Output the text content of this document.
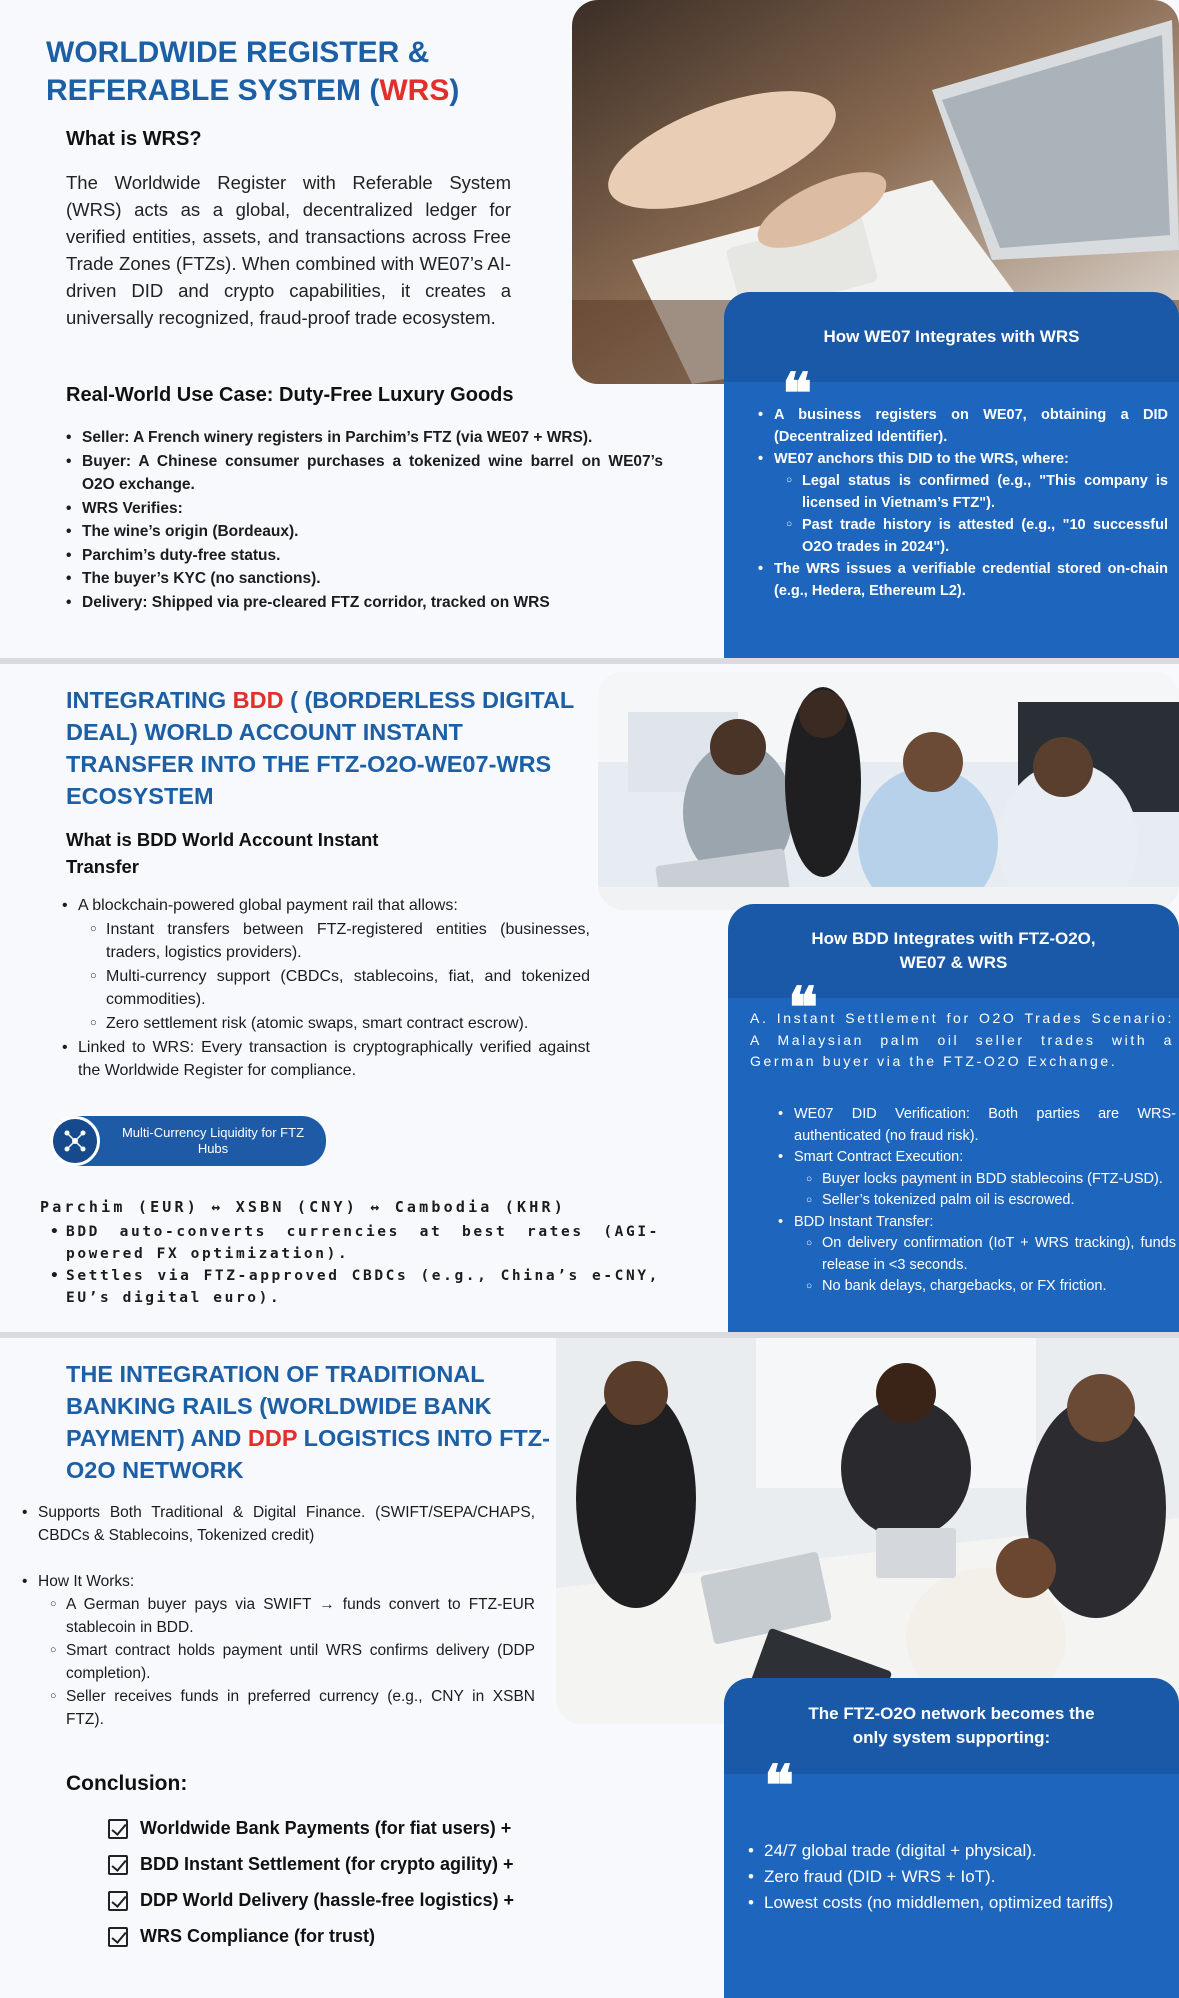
WORLDWIDE REGISTER &
REFERABLE SYSTEM (WRS)
What is WRS?
The Worldwide Register with Referable System (WRS) acts as a global, decentralized ledger for verified entities, assets, and transactions across Free Trade Zones (FTZs). When combined with WE07’s AI-driven DID and crypto capabilities, it creates a universally recognized, fraud-proof trade ecosystem.
Real-World Use Case: Duty-Free Luxury Goods
• Seller: A French winery registers in Parchim’s FTZ (via WE07 + WRS).
• Buyer: A Chinese consumer purchases a tokenized wine barrel on WE07’s O2O exchange.
• WRS Verifies:
• The wine’s origin (Bordeaux).
• Parchim’s duty-free status.
• The buyer’s KYC (no sanctions).
• Delivery: Shipped via pre-cleared FTZ corridor, tracked on WRS
How WE07 Integrates with WRS
❝
• A business registers on WE07, obtaining a DID (Decentralized Identifier).
• WE07 anchors this DID to the WRS, where:
○ Legal status is confirmed (e.g., "This company is licensed in Vietnam’s FTZ").
○ Past trade history is attested (e.g., "10 successful O2O trades in 2024").
• The WRS issues a verifiable credential stored on-chain (e.g., Hedera, Ethereum L2).
INTEGRATING BDD ( (BORDERLESS DIGITAL DEAL) WORLD ACCOUNT INSTANT TRANSFER INTO THE FTZ-O2O-WE07-WRS ECOSYSTEM
What is BDD World Account Instant
Transfer
• A blockchain-powered global payment rail that allows:
○ Instant transfers between FTZ-registered entities (businesses, traders, logistics providers).
○ Multi-currency support (CBDCs, stablecoins, fiat, and tokenized commodities).
○ Zero settlement risk (atomic swaps, smart contract escrow).
• Linked to WRS: Every transaction is cryptographically verified against the Worldwide Register for compliance.
Multi-Currency Liquidity for FTZ Hubs
Parchim (EUR) ↔ XSBN (CNY) ↔ Cambodia (KHR)
• BDD auto-converts currencies at best rates (AGI-powered FX optimization).
• Settles via FTZ-approved CBDCs (e.g., China’s e-CNY, EU’s digital euro).
How BDD Integrates with FTZ-O2O, WE07 & WRS
❝
A. Instant Settlement for O2O Trades Scenario: A Malaysian palm oil seller trades with a German buyer via the FTZ-O2O Exchange.
• WE07 DID Verification: Both parties are WRS-authenticated (no fraud risk).
• Smart Contract Execution:
○ Buyer locks payment in BDD stablecoins (FTZ-USD).
○ Seller’s tokenized palm oil is escrowed.
• BDD Instant Transfer:
○ On delivery confirmation (IoT + WRS tracking), funds release in <3 seconds.
○ No bank delays, chargebacks, or FX friction.
THE INTEGRATION OF TRADITIONAL BANKING RAILS (WORLDWIDE BANK PAYMENT) AND DDP LOGISTICS INTO FTZ-O2O NETWORK
• Supports Both Traditional & Digital Finance. (SWIFT/SEPA/CHAPS, CBDCs & Stablecoins, Tokenized credit)
• How It Works:
○ A German buyer pays via SWIFT → funds convert to FTZ-EUR stablecoin in BDD.
○ Smart contract holds payment until WRS confirms delivery (DDP completion).
○ Seller receives funds in preferred currency (e.g., CNY in XSBN FTZ).
Conclusion:
Worldwide Bank Payments (for fiat users) +
BDD Instant Settlement (for crypto agility) +
DDP World Delivery (hassle-free logistics) +
WRS Compliance (for trust)
The FTZ-O2O network becomes the only system supporting:
❝
• 24/7 global trade (digital + physical).
• Zero fraud (DID + WRS + IoT).
• Lowest costs (no middlemen, optimized tariffs)
